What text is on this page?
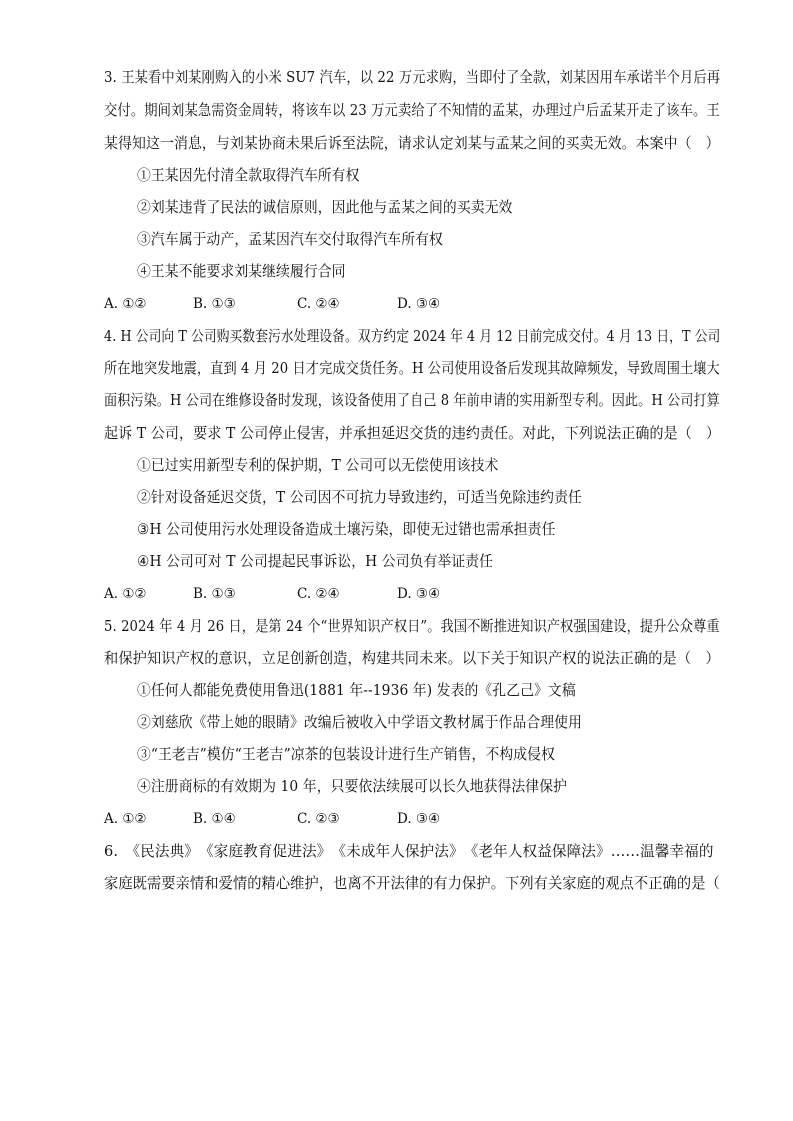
3. 王某看中刘某刚购入的小米 SU7 汽车，以 22 万元求购，当即付了全款，刘某因用车承诺半个月后再
交付。期间刘某急需资金周转，将该车以 23 万元卖给了不知情的孟某，办理过户后孟某开走了该车。王
某得知这一消息，与刘某协商未果后诉至法院，请求认定刘某与孟某之间的买卖无效。本案中（　）
①王某因先付清全款取得汽车所有权
②刘某违背了民法的诚信原则，因此他与孟某之间的买卖无效
③汽车属于动产，孟某因汽车交付取得汽车所有权
④王某不能要求刘某继续履行合同
A. ①②	B. ①③	C. ②④	D. ③④
4. H 公司向 T 公司购买数套污水处理设备。双方约定 2024 年 4 月 12 日前完成交付。4 月 13 日，T 公司
所在地突发地震，直到 4 月 20 日才完成交货任务。H 公司使用设备后发现其故障频发，导致周围土壤大
面积污染。H 公司在维修设备时发现，该设备使用了自己 8 年前申请的实用新型专利。因此。H 公司打算
起诉 T 公司，要求 T 公司停止侵害，并承担延迟交货的违约责任。对此，下列说法正确的是（　）
①已过实用新型专利的保护期，T 公司可以无偿使用该技术
②针对设备延迟交货，T 公司因不可抗力导致违约，可适当免除违约责任
③H 公司使用污水处理设备造成土壤污染，即使无过错也需承担责任
④H 公司可对 T 公司提起民事诉讼，H 公司负有举证责任
A. ①②	B. ①③	C. ②④	D. ③④
5. 2024 年 4 月 26 日，是第 24 个“世界知识产权日”。我国不断推进知识产权强国建设，提升公众尊重
和保护知识产权的意识，立足创新创造，构建共同未来。以下关于知识产权的说法正确的是（　）
①任何人都能免费使用鲁迅(1881 年--1936 年) 发表的《孔乙己》文稿
②刘慈欣《带上她的眼睛》改编后被收入中学语文教材属于作品合理使用
③“王老吉”模仿“王老吉”凉茶的包装设计进行生产销售，不构成侵权
④注册商标的有效期为 10 年，只要依法续展可以长久地获得法律保护
A. ①②	B. ①④	C. ②③	D. ③④
6.　《民法典》　《家庭教育促进法》　《未成年人保护法》　《老年人权益保障法》……温馨幸福的
家庭既需要亲情和爱情的精心维护，也离不开法律的有力保护。下列有关家庭的观点不正确的是（
